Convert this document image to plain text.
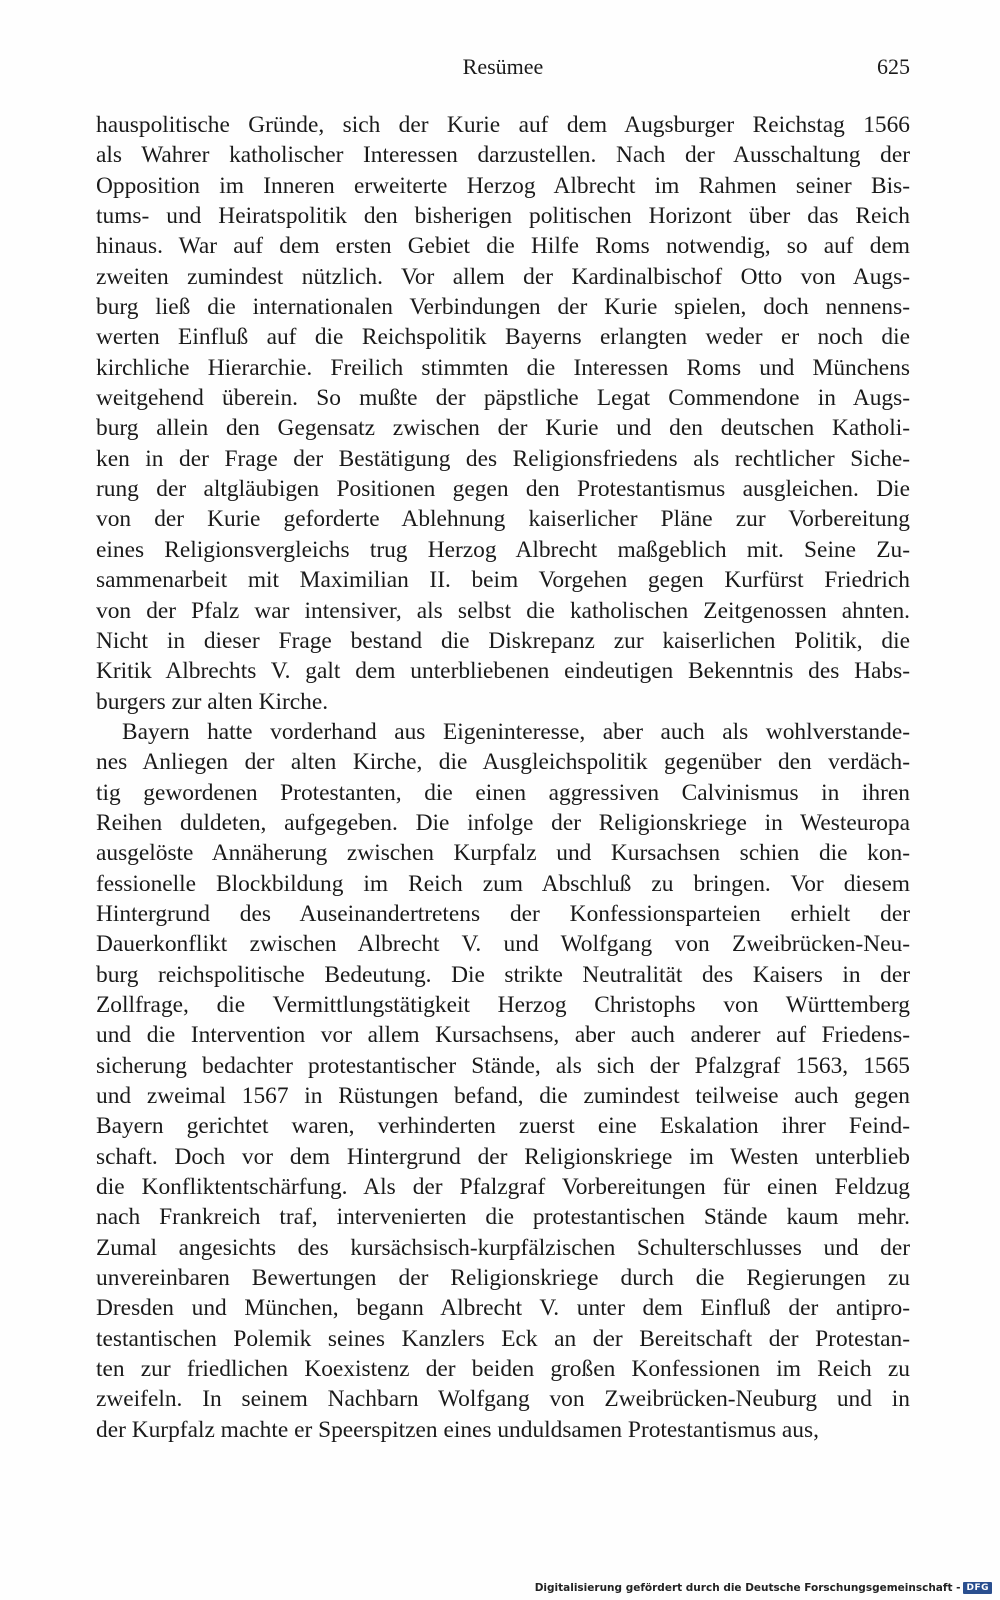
Resümee	625
hauspolitische Gründe, sich der Kurie auf dem Augsburger Reichstag 1566
als Wahrer katholischer Interessen darzustellen. Nach der Ausschaltung der
Opposition im Inneren erweiterte Herzog Albrecht im Rahmen seiner Bis-
tums- und Heiratspolitik den bisherigen politischen Horizont über das Reich
hinaus. War auf dem ersten Gebiet die Hilfe Roms notwendig, so auf dem
zweiten zumindest nützlich. Vor allem der Kardinalbischof Otto von Augs-
burg ließ die internationalen Verbindungen der Kurie spielen, doch nennens-
werten Einfluß auf die Reichspolitik Bayerns erlangten weder er noch die
kirchliche Hierarchie. Freilich stimmten die Interessen Roms und Münchens
weitgehend überein. So mußte der päpstliche Legat Commendone in Augs-
burg allein den Gegensatz zwischen der Kurie und den deutschen Katholi-
ken in der Frage der Bestätigung des Religionsfriedens als rechtlicher Siche-
rung der altgläubigen Positionen gegen den Protestantismus ausgleichen. Die
von der Kurie geforderte Ablehnung kaiserlicher Pläne zur Vorbereitung
eines Religionsvergleichs trug Herzog Albrecht maßgeblich mit. Seine Zu-
sammenarbeit mit Maximilian II. beim Vorgehen gegen Kurfürst Friedrich
von der Pfalz war intensiver, als selbst die katholischen Zeitgenossen ahnten.
Nicht in dieser Frage bestand die Diskrepanz zur kaiserlichen Politik, die
Kritik Albrechts V. galt dem unterbliebenen eindeutigen Bekenntnis des Habs-
burgers zur alten Kirche.
Bayern hatte vorderhand aus Eigeninteresse, aber auch als wohlverstande-
nes Anliegen der alten Kirche, die Ausgleichspolitik gegenüber den verdäch-
tig gewordenen Protestanten, die einen aggressiven Calvinismus in ihren
Reihen duldeten, aufgegeben. Die infolge der Religionskriege in Westeuropa
ausgelöste Annäherung zwischen Kurpfalz und Kursachsen schien die kon-
fessionelle Blockbildung im Reich zum Abschluß zu bringen. Vor diesem
Hintergrund des Auseinandertretens der Konfessionsparteien erhielt der
Dauerkonflikt zwischen Albrecht V. und Wolfgang von Zweibrücken-Neu-
burg reichspolitische Bedeutung. Die strikte Neutralität des Kaisers in der
Zollfrage, die Vermittlungstätigkeit Herzog Christophs von Württemberg
und die Intervention vor allem Kursachsens, aber auch anderer auf Friedens-
sicherung bedachter protestantischer Stände, als sich der Pfalzgraf 1563, 1565
und zweimal 1567 in Rüstungen befand, die zumindest teilweise auch gegen
Bayern gerichtet waren, verhinderten zuerst eine Eskalation ihrer Feind-
schaft. Doch vor dem Hintergrund der Religionskriege im Westen unterblieb
die Konfliktentschärfung. Als der Pfalzgraf Vorbereitungen für einen Feldzug
nach Frankreich traf, intervenierten die protestantischen Stände kaum mehr.
Zumal angesichts des kursächsisch-kurpfälzischen Schulterschlusses und der
unvereinbaren Bewertungen der Religionskriege durch die Regierungen zu
Dresden und München, begann Albrecht V. unter dem Einfluß der antipro-
testantischen Polemik seines Kanzlers Eck an der Bereitschaft der Protestan-
ten zur friedlichen Koexistenz der beiden großen Konfessionen im Reich zu
zweifeln. In seinem Nachbarn Wolfgang von Zweibrücken-Neuburg und in
der Kurpfalz machte er Speerspitzen eines unduldsamen Protestantismus aus,
Digitalisierung gefördert durch die Deutsche Forschungsgemeinschaft - DFG
